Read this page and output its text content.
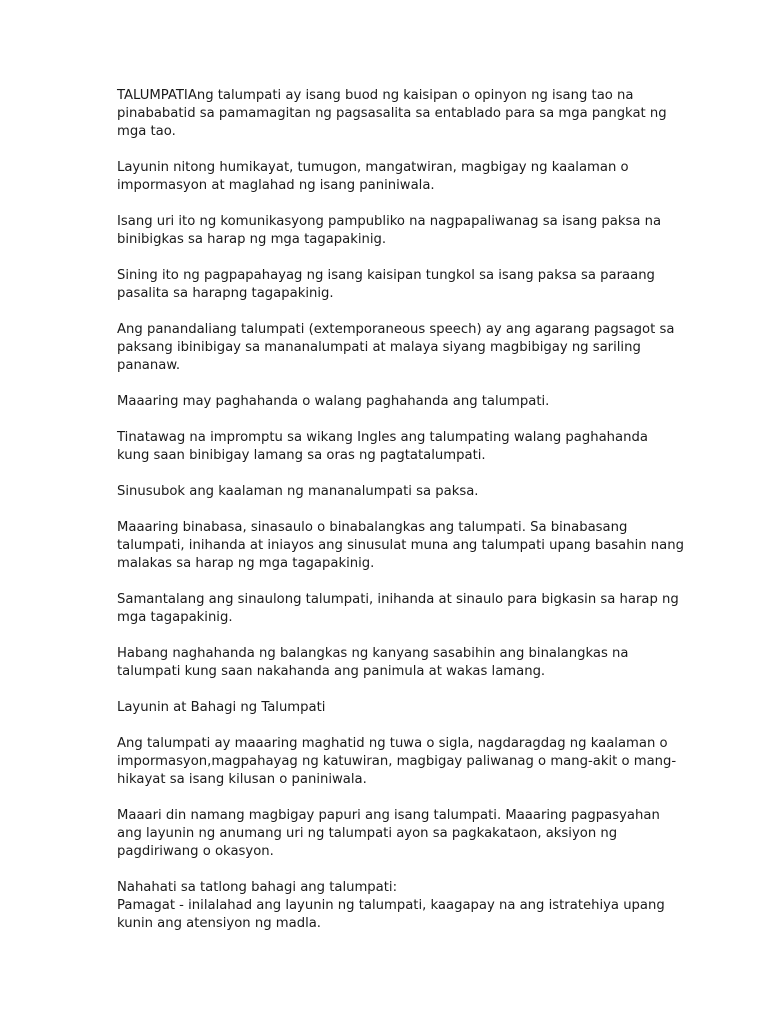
TALUMPATIAng talumpati ay isang buod ng kaisipan o opinyon ng isang tao na
pinababatid sa pamamagitan ng pagsasalita sa entablado para sa mga pangkat ng
mga tao.

Layunin nitong humikayat, tumugon, mangatwiran, magbigay ng kaalaman o
impormasyon at maglahad ng isang paniniwala.

Isang uri ito ng komunikasyong pampubliko na nagpapaliwanag sa isang paksa na
binibigkas sa harap ng mga tagapakinig.

Sining ito ng pagpapahayag ng isang kaisipan tungkol sa isang paksa sa paraang
pasalita sa harapng tagapakinig.

Ang panandaliang talumpati (extemporaneous speech) ay ang agarang pagsagot sa
paksang ibinibigay sa mananalumpati at malaya siyang magbibigay ng sariling
pananaw.

Maaaring may paghahanda o walang paghahanda ang talumpati.

Tinatawag na impromptu sa wikang Ingles ang talumpating walang paghahanda
kung saan binibigay lamang sa oras ng pagtatalumpati.

Sinusubok ang kaalaman ng mananalumpati sa paksa.

Maaaring binabasa, sinasaulo o binabalangkas ang talumpati. Sa binabasang
talumpati, inihanda at iniayos ang sinusulat muna ang talumpati upang basahin nang
malakas sa harap ng mga tagapakinig.

Samantalang ang sinaulong talumpati, inihanda at sinaulo para bigkasin sa harap ng
mga tagapakinig.

Habang naghahanda ng balangkas ng kanyang sasabihin ang binalangkas na
talumpati kung saan nakahanda ang panimula at wakas lamang.

Layunin at Bahagi ng Talumpati

Ang talumpati ay maaaring maghatid ng tuwa o sigla, nagdaragdag ng kaalaman o
impormasyon,magpahayag ng katuwiran, magbigay paliwanag o mang-akit o mang-
hikayat sa isang kilusan o paniniwala.

Maaari din namang magbigay papuri ang isang talumpati. Maaaring pagpasyahan
ang layunin ng anumang uri ng talumpati ayon sa pagkakataon, aksiyon ng
pagdiriwang o okasyon.

Nahahati sa tatlong bahagi ang talumpati:
Pamagat - inilalahad ang layunin ng talumpati, kaagapay na ang istratehiya upang
kunin ang atensiyon ng madla.
